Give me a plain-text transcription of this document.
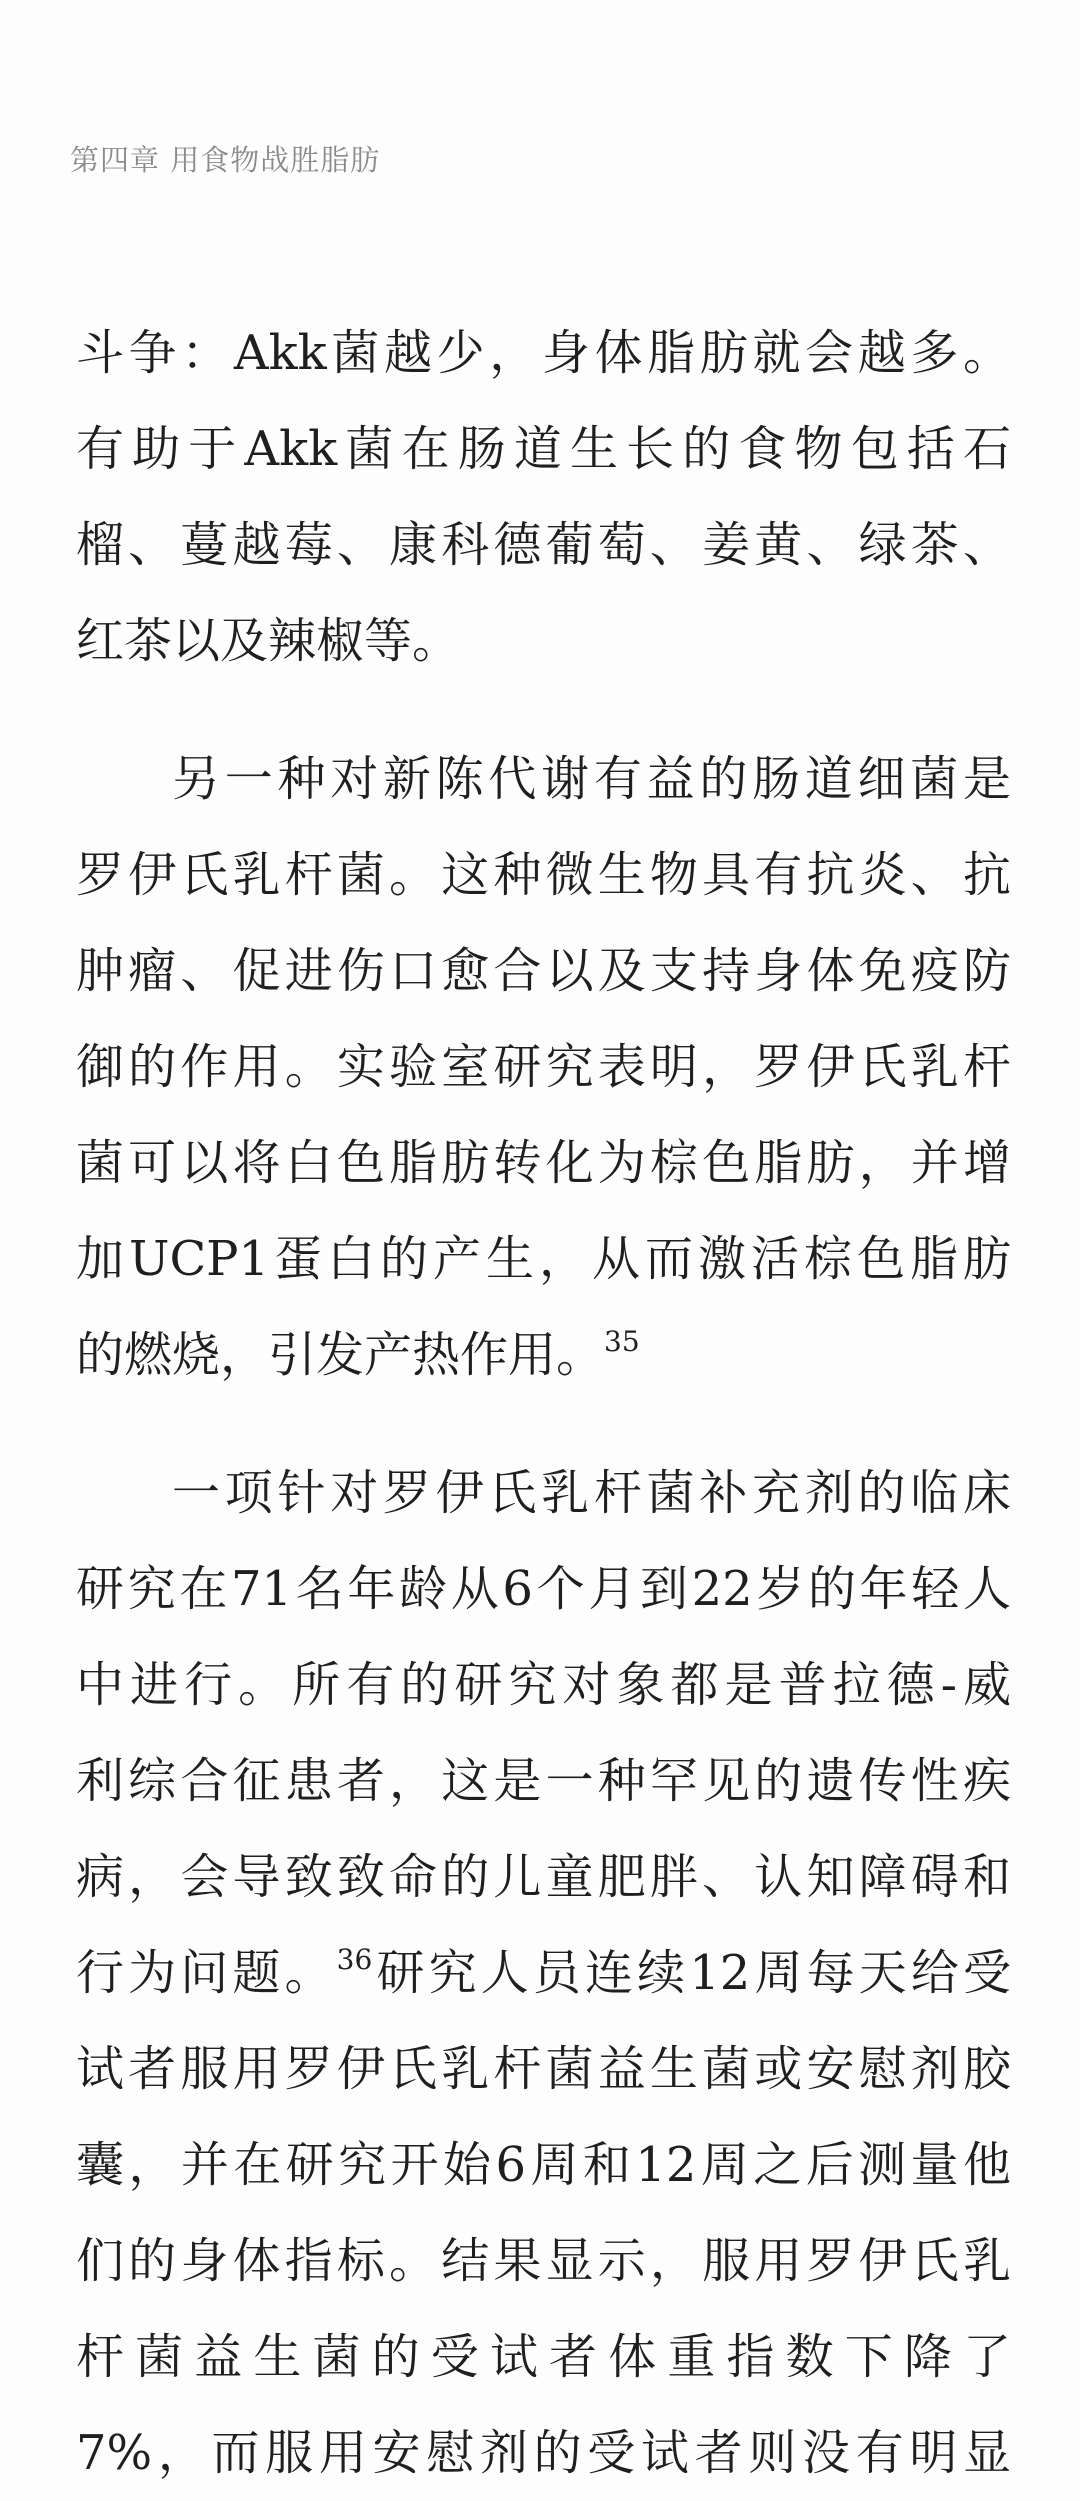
第四章 用食物战胜脂肪
斗争：Akk菌越少，身体脂肪就会越多。
有助于Akk菌在肠道生长的食物包括石
榴、蔓越莓、康科德葡萄、姜黄、绿茶、
红茶以及辣椒等。
另一种对新陈代谢有益的肠道细菌是
罗伊氏乳杆菌。这种微生物具有抗炎、抗
肿瘤、促进伤口愈合以及支持身体免疫防
御的作用。实验室研究表明，罗伊氏乳杆
菌可以将白色脂肪转化为棕色脂肪，并增
加UCP1蛋白的产生，从而激活棕色脂肪
的燃烧，引发产热作用。$^{35}$
一项针对罗伊氏乳杆菌补充剂的临床
研究在71名年龄从6个月到22岁的年轻人
中进行。所有的研究对象都是普拉德-威
利综合征患者，这是一种罕见的遗传性疾
病，会导致致命的儿童肥胖、认知障碍和
行为问题。$^{36}$研究人员连续12周每天给受
试者服用罗伊氏乳杆菌益生菌或安慰剂胶
囊，并在研究开始6周和12周之后测量他
们的身体指标。结果显示，服用罗伊氏乳
杆菌益生菌的受试者体重指数下降了
7%，而服用安慰剂的受试者则没有明显
